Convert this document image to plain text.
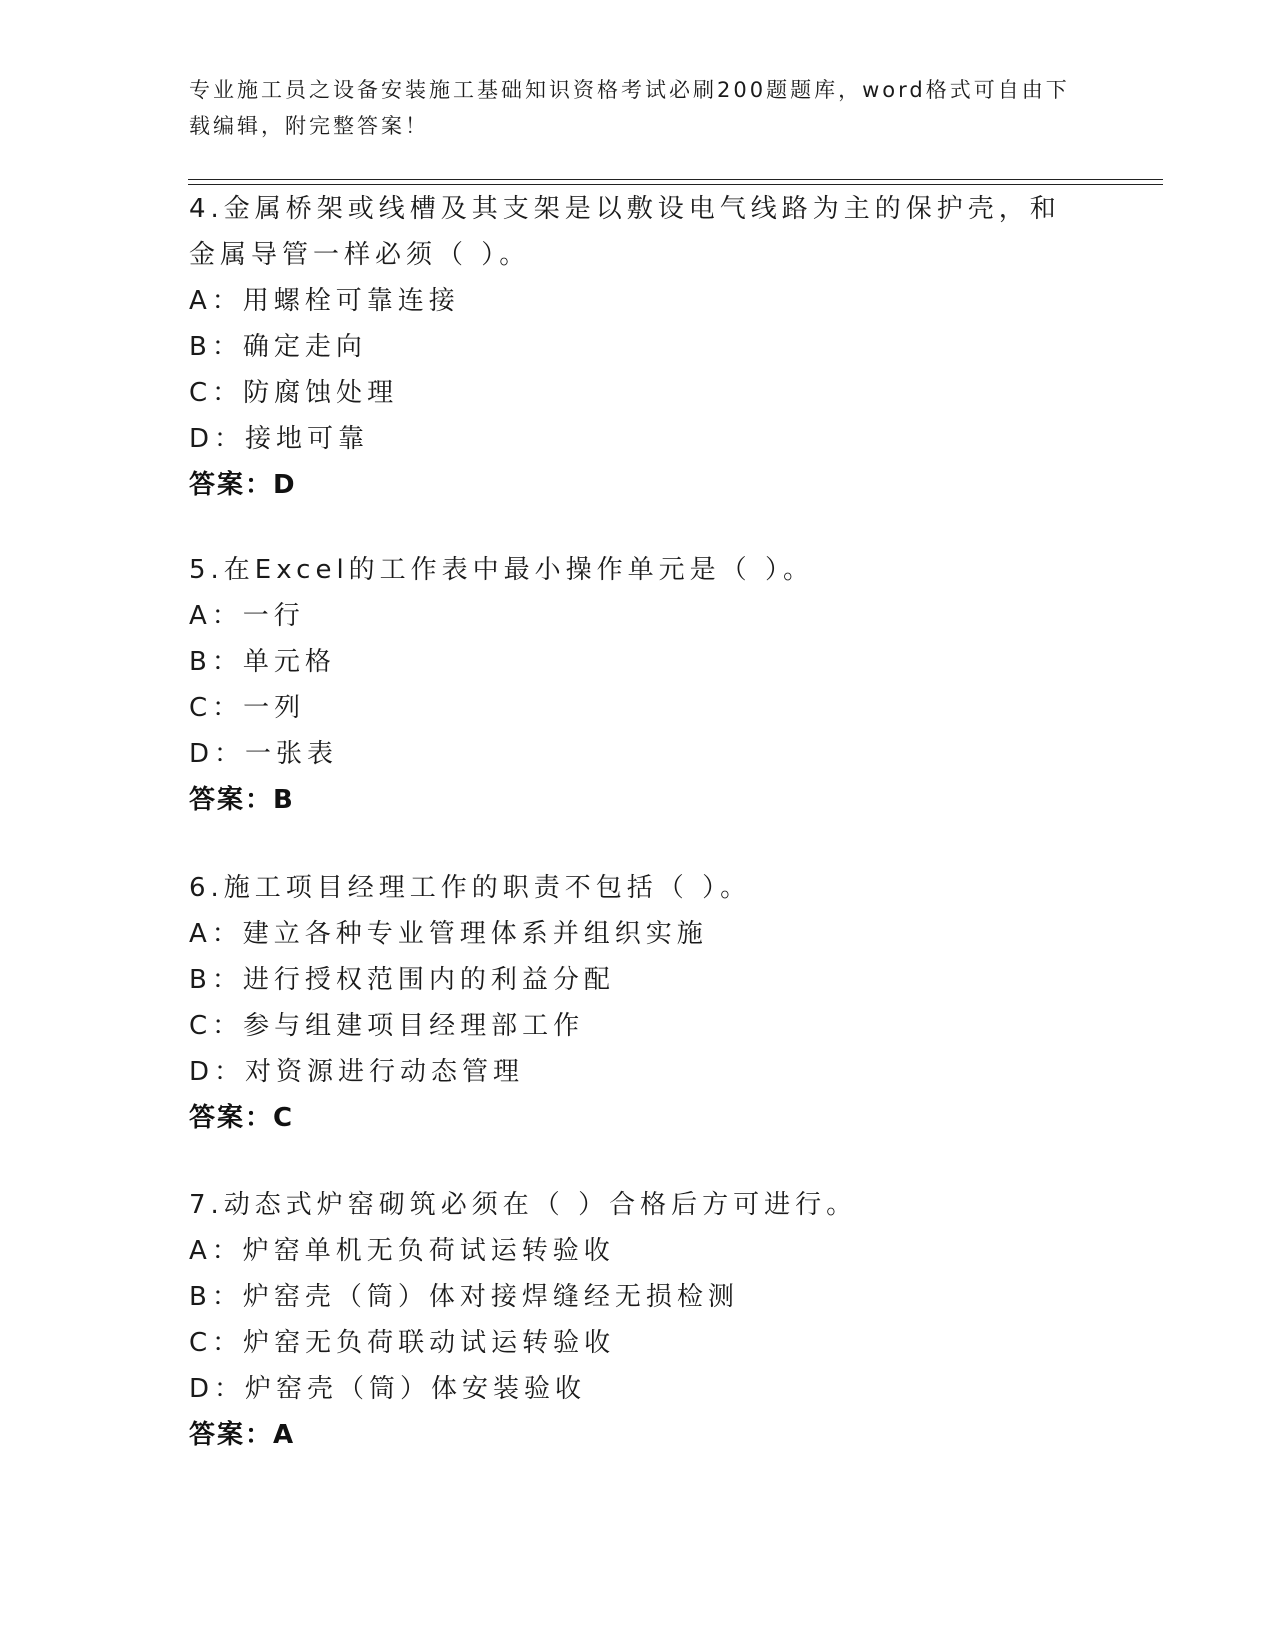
专业施工员之设备安装施工基础知识资格考试必刷200题题库，word格式可自由下载编辑，附完整答案！

4.金属桥架或线槽及其支架是以敷设电气线路为主的保护壳，和金属导管一样必须（ ）。

A：用螺栓可靠连接

B：确定走向

C：防腐蚀处理

D：接地可靠

答案：D

5.在Excel的工作表中最小操作单元是（ ）。

A：一行

B：单元格

C：一列

D：一张表

答案：B

6.施工项目经理工作的职责不包括（ ）。

A：建立各种专业管理体系并组织实施

B：进行授权范围内的利益分配

C：参与组建项目经理部工作

D：对资源进行动态管理

答案：C

7.动态式炉窑砌筑必须在（ ）合格后方可进行。

A：炉窑单机无负荷试运转验收

B：炉窑壳（筒）体对接焊缝经无损检测

C：炉窑无负荷联动试运转验收

D：炉窑壳（筒）体安装验收

答案：A
